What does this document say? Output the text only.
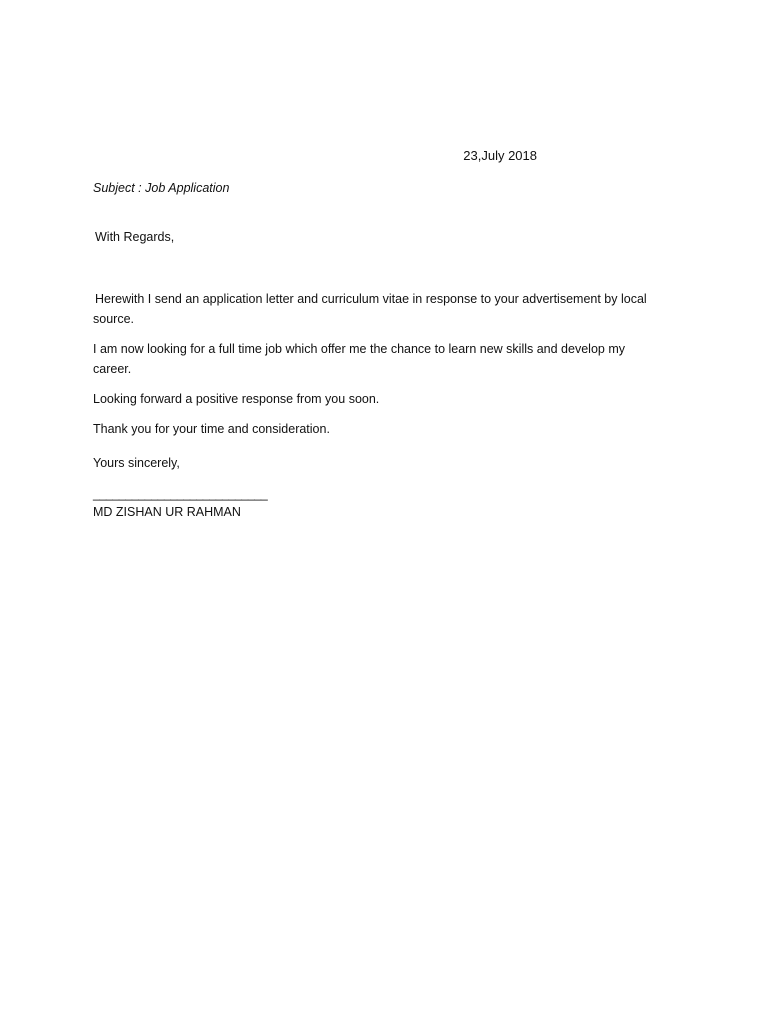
23,July 2018
Subject : Job Application
With Regards,
Herewith I send an application letter and curriculum vitae in response to your advertisement by local source.
I am now looking for a full time job which offer me the chance to learn new skills and develop my career.
Looking forward a positive response from you soon.
Thank you for your time and consideration.
Yours sincerely,
___________________________
MD ZISHAN UR RAHMAN
